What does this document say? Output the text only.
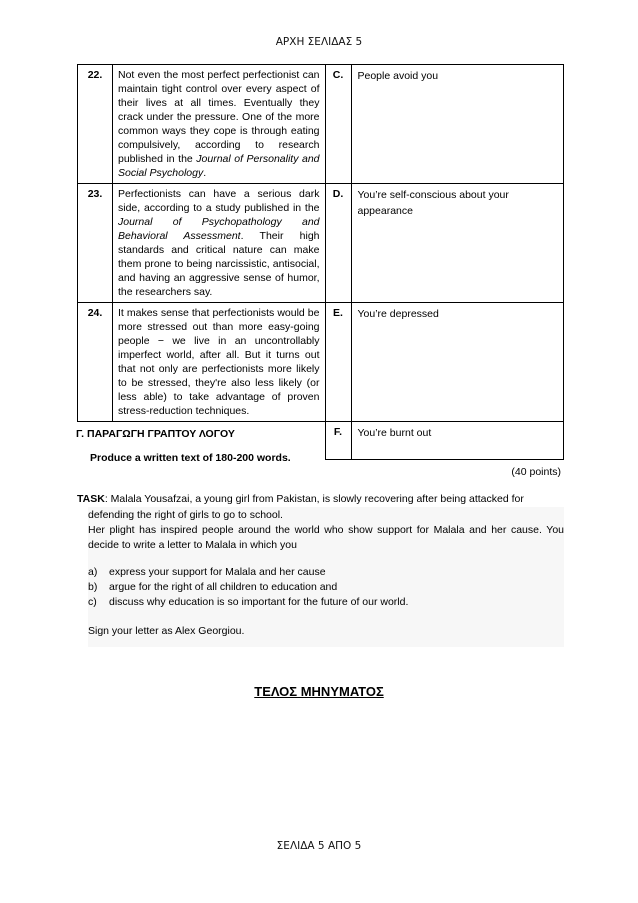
ΑΡΧΗ ΣΕΛΙΔΑΣ 5
22.	Not even the most perfect perfectionist can maintain tight control over every aspect of their lives at all times. Eventually they crack under the pressure. One of the more common ways they cope is through eating compulsively, according to research published in the Journal of Personality and Social Psychology.	C.	People avoid you
23.	Perfectionists can have a serious dark side, according to a study published in the Journal of Psychopathology and Behavioral Assessment. Their high standards and critical nature can make them prone to being narcissistic, antisocial, and having an aggressive sense of humor, the researchers say.	D.	You’re self-conscious about your appearance
24.	It makes sense that perfectionists would be more stressed out than more easy-going people − we live in an uncontrollably imperfect world, after all. But it turns out that not only are perfectionists more likely to be stressed, they're also less likely (or less able) to take advantage of proven stress-reduction techniques.	E.	You’re depressed
		F.	You’re burnt out
Γ. ΠΑΡΑΓΩΓΗ ΓΡΑΠΤΟΥ ΛΟΓΟΥ
Produce a written text of 180-200 words.
(40 points)
TASK: Malala Yousafzai, a young girl from Pakistan, is slowly recovering after being attacked for

defending the right of girls to go to school.

Her plight has inspired people around the world who show support for Malala and her cause. You decide to write a letter to Malala in which you

a)	express your support for Malala and her cause
b)	argue for the right of all children to education and
c)	discuss why education is so important for the future of our world.

Sign your letter as Alex Georgiou.

ΤΕΛΟΣ ΜΗΝΥΜΑΤΟΣ
ΣΕΛΙΔΑ 5 ΑΠΟ 5
